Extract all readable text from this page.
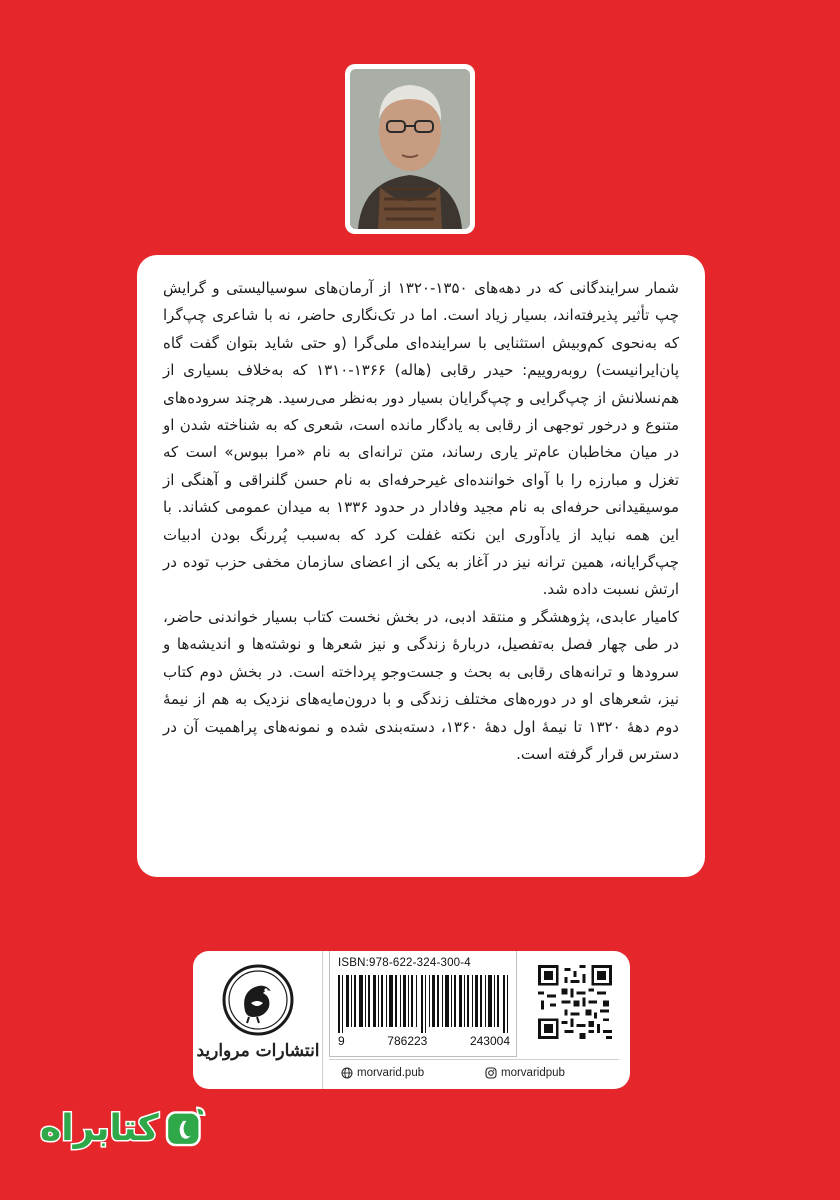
شمار سرایندگانی که در دهه‌های ۱۳۵۰-۱۳۲۰ از آرمان‌های سوسیالیستی و گرایش چپ تأثیر پذیرفته‌اند، بسیار زیاد است. اما در تک‌نگاری حاضر، نه با شاعری چپ‌گرا که به‌نحوی کم‌وبیش استثنایی با سراینده‌ای ملی‌گرا (و حتی شاید بتوان گفت گاه پان‌ایرانیست) روبه‌روییم: حیدر رقابی (هاله) ۱۳۶۶-۱۳۱۰ که به‌خلاف بسیاری از هم‌نسلانش از چپ‌گرایی و چپ‌گرایان بسیار دور به‌نظر می‌رسید. هرچند سروده‌های متنوع و درخور توجهی از رقابی به یادگار مانده است، شعری که به شناخته شدن او در میان مخاطبان عام‌تر یاری رساند، متن ترانه‌ای به نام «مرا ببوس» است که تغزل و مبارزه را با آوای خواننده‌ای غیرحرفه‌ای به نام حسن گلنراقی و آهنگی از موسیقیدانی حرفه‌ای به نام مجید وفادار در حدود ۱۳۳۶ به میدان عمومی کشاند. با این همه نباید از یادآوری این نکته غفلت کرد که به‌سبب پُررنگ بودن ادبیات چپ‌گرایانه، همین ترانه نیز در آغاز به یکی از اعضای سازمان مخفی حزب توده در ارتش نسبت داده شد.

کامیار عابدی، پژوهشگر و منتقد ادبی، در بخش نخست کتاب بسیار خواندنی حاضر، در طی چهار فصل به‌تفصیل، دربارهٔ زندگی و نیز شعرها و نوشته‌ها و اندیشه‌ها و سرودها و ترانه‌های رقابی به بحث و جست‌وجو پرداخته است. در بخش دوم کتاب نیز، شعرهای او در دوره‌های مختلف زندگی و با درون‌مایه‌های نزدیک به هم از نیمهٔ دوم دههٔ ۱۳۲۰ تا نیمهٔ اول دههٔ ۱۳۶۰، دسته‌بندی شده و نمونه‌های پراهمیت آن در دسترس قرار گرفته است.

انتشارات مروارید
ISBN:978-622-324-300-4
9	786223	243004
morvarid.pub	morvaridpub
کتابراه
